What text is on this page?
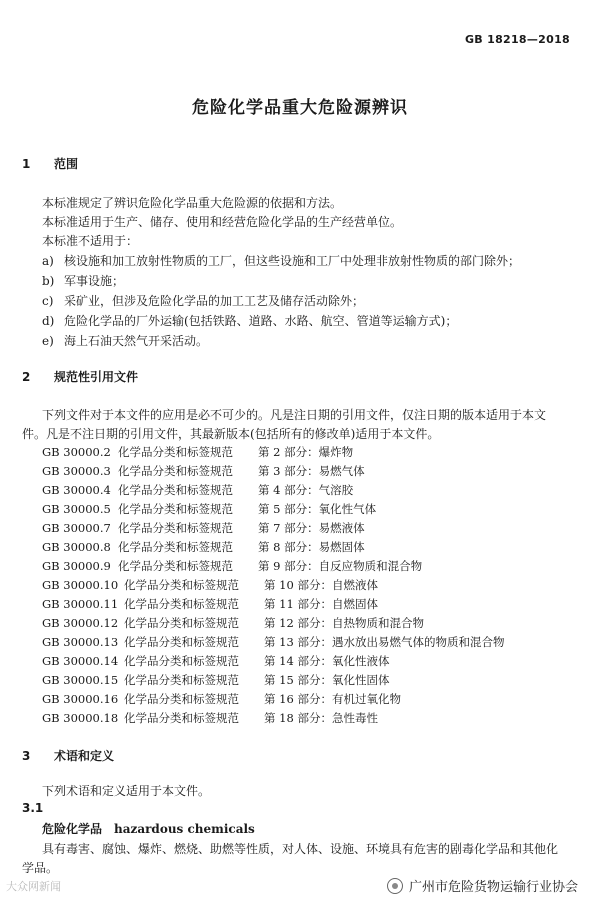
GB 18218—2018
危险化学品重大危险源辨识
1 范围
本标准规定了辨识危险化学品重大危险源的依据和方法。
本标准适用于生产、储存、使用和经营危险化学品的生产经营单位。
本标准不适用于：
a) 核设施和加工放射性物质的工厂，但这些设施和工厂中处理非放射性物质的部门除外；
b) 军事设施；
c) 采矿业，但涉及危险化学品的加工工艺及储存活动除外；
d) 危险化学品的厂外运输(包括铁路、道路、水路、航空、管道等运输方式)；
e) 海上石油天然气开采活动。
2 规范性引用文件
下列文件对于本文件的应用是必不可少的。凡是注日期的引用文件，仅注日期的版本适用于本文
件。凡是不注日期的引用文件，其最新版本(包括所有的修改单)适用于本文件。
GB 30000.2 化学品分类和标签规范 第 2 部分：爆炸物
GB 30000.3 化学品分类和标签规范 第 3 部分：易燃气体
GB 30000.4 化学品分类和标签规范 第 4 部分：气溶胶
GB 30000.5 化学品分类和标签规范 第 5 部分：氧化性气体
GB 30000.7 化学品分类和标签规范 第 7 部分：易燃液体
GB 30000.8 化学品分类和标签规范 第 8 部分：易燃固体
GB 30000.9 化学品分类和标签规范 第 9 部分：自反应物质和混合物
GB 30000.10 化学品分类和标签规范 第 10 部分：自燃液体
GB 30000.11 化学品分类和标签规范 第 11 部分：自燃固体
GB 30000.12 化学品分类和标签规范 第 12 部分：自热物质和混合物
GB 30000.13 化学品分类和标签规范 第 13 部分：遇水放出易燃气体的物质和混合物
GB 30000.14 化学品分类和标签规范 第 14 部分：氧化性液体
GB 30000.15 化学品分类和标签规范 第 15 部分：氧化性固体
GB 30000.16 化学品分类和标签规范 第 16 部分：有机过氧化物
GB 30000.18 化学品分类和标签规范 第 18 部分：急性毒性
3 术语和定义
下列术语和定义适用于本文件。
3.1
危险化学品 hazardous chemicals
具有毒害、腐蚀、爆炸、燃烧、助燃等性质，对人体、设施、环境具有危害的剧毒化学品和其他化
学品。
大众网新闻	广州市危险货物运输行业协会
